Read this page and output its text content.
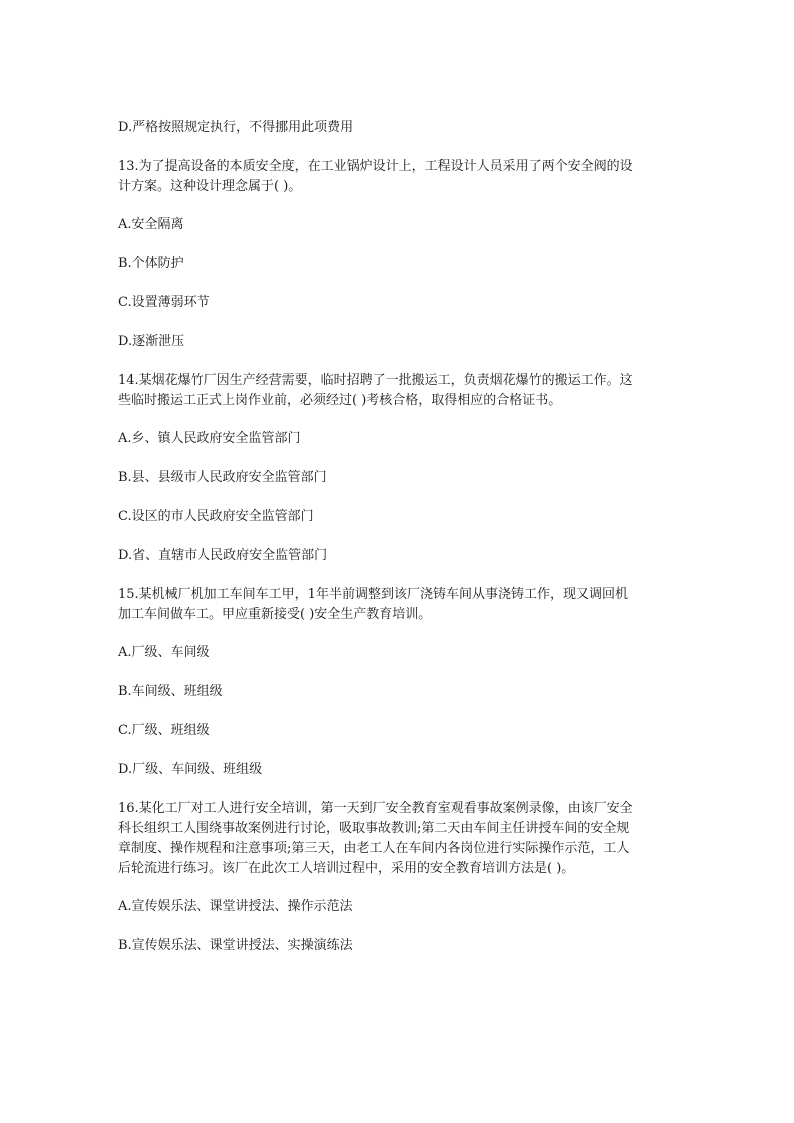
D.严格按照规定执行，不得挪用此项费用

13.为了提高设备的本质安全度，在工业锅炉设计上，工程设计人员采用了两个安全阀的设

计方案。这种设计理念属于( )。

A.安全隔离

B.个体防护

C.设置薄弱环节

D.逐渐泄压

14.某烟花爆竹厂因生产经营需要，临时招聘了一批搬运工，负责烟花爆竹的搬运工作。这

些临时搬运工正式上岗作业前，必须经过( )考核合格，取得相应的合格证书。

A.乡、镇人民政府安全监管部门

B.县、县级市人民政府安全监管部门

C.设区的市人民政府安全监管部门

D.省、直辖市人民政府安全监管部门

15.某机械厂机加工车间车工甲，1年半前调整到该厂浇铸车间从事浇铸工作，现又调回机

加工车间做车工。甲应重新接受( )安全生产教育培训。

A.厂级、车间级

B.车间级、班组级

C.厂级、班组级

D.厂级、车间级、班组级

16.某化工厂对工人进行安全培训，第一天到厂安全教育室观看事故案例录像，由该厂安全

科长组织工人围绕事故案例进行讨论，吸取事故教训;第二天由车间主任讲授车间的安全规

章制度、操作规程和注意事项;第三天，由老工人在车间内各岗位进行实际操作示范，工人

后轮流进行练习。该厂在此次工人培训过程中，采用的安全教育培训方法是( )。

A.宣传娱乐法、课堂讲授法、操作示范法

B.宣传娱乐法、课堂讲授法、实操演练法
